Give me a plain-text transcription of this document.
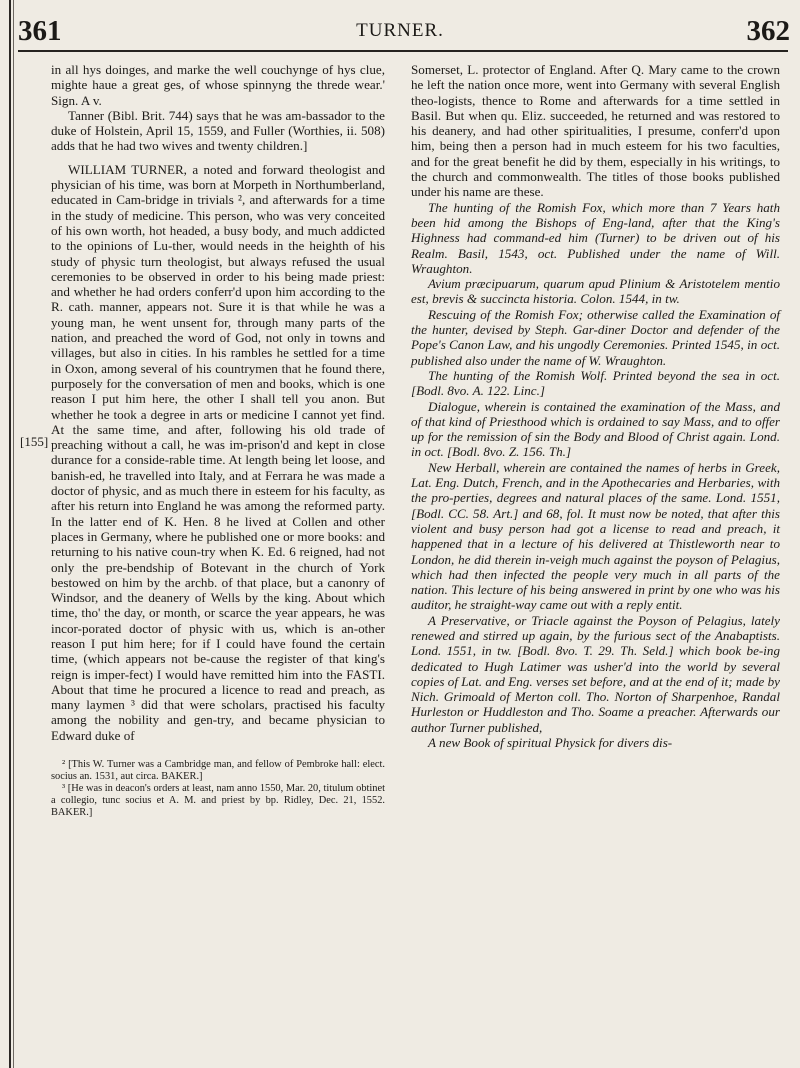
361	TURNER.	362
[155]

in all hys doinges, and marke the well couchynge of hys clue, mighte haue a great ges, of whose spinnyng the threde wear.' Sign. A v.

Tanner (Bibl. Brit. 744) says that he was am-bassador to the duke of Holstein, April 15, 1559, and Fuller (Worthies, ii. 508) adds that he had two wives and twenty children.]

WILLIAM TURNER, a noted and forward theologist and physician of his time, was born at Morpeth in Northumberland, educated in Cam-bridge in trivials ², and afterwards for a time in the study of medicine. This person, who was very conceited of his own worth, hot headed, a busy body, and much addicted to the opinions of Lu-ther, would needs in the heighth of his study of physic turn theologist, but always refused the usual ceremonies to be observed in order to his being made priest: and whether he had orders conferr'd upon him according to the R. cath. manner, appears not. Sure it is that while he was a young man, he went unsent for, through many parts of the nation, and preached the word of God, not only in towns and villages, but also in cities. In his rambles he settled for a time in Oxon, among several of his countrymen that he found there, purposely for the conversation of men and books, which is one reason I put him here, the other I shall tell you anon. But whether he took a degree in arts or medicine I cannot yet find. At the same time, and after, following his old trade of preaching without a call, he was im-prison'd and kept in close durance for a conside-rable time. At length being let loose, and banish-ed, he travelled into Italy, and at Ferrara he was made a doctor of physic, and as much there in esteem for his faculty, as after his return into England he was among the reformed party. In the latter end of K. Hen. 8 he lived at Collen and other places in Germany, where he published one or more books: and returning to his native coun-try when K. Ed. 6 reigned, had not only the pre-bendship of Botevant in the church of York bestowed on him by the archb. of that place, but a canonry of Windsor, and the deanery of Wells by the king. About which time, tho' the day, or month, or scarce the year appears, he was incor-porated doctor of physic with us, which is an-other reason I put him here; for if I could have found the certain time, (which appears not be-cause the register of that king's reign is imper-fect) I would have remitted him into the FASTI. About that time he procured a licence to read and preach, as many laymen ³ did that were scholars, practised his faculty among the nobility and gen-try, and became physician to Edward duke of

² [This W. Turner was a Cambridge man, and fellow of Pembroke hall: elect. socius an. 1531, aut circa. BAKER.]

³ [He was in deacon's orders at least, nam anno 1550, Mar. 20, titulum obtinet a collegio, tunc socius et A. M. and priest by bp. Ridley, Dec. 21, 1552. BAKER.]

Somerset, L. protector of England. After Q. Mary came to the crown he left the nation once more, went into Germany with several English theo-logists, thence to Rome and afterwards for a time settled in Basil. But when qu. Eliz. succeeded, he returned and was restored to his deanery, and had other spiritualities, I presume, conferr'd upon him, being then a person had in much esteem for his two faculties, and for the great benefit he did by them, especially in his writings, to the church and commonwealth. The titles of those books published under his name are these.

The hunting of the Romish Fox, which more than 7 Years hath been hid among the Bishops of Eng-land, after that the King's Highness had command-ed him (Turner) to be driven out of his Realm. Basil, 1543, oct. Published under the name of Will. Wraughton.

Avium præcipuarum, quarum apud Plinium & Aristotelem mentio est, brevis & succincta historia. Colon. 1544, in tw.

Rescuing of the Romish Fox; otherwise called the Examination of the hunter, devised by Steph. Gar-diner Doctor and defender of the Pope's Canon Law, and his ungodly Ceremonies. Printed 1545, in oct. published also under the name of W. Wraughton.

The hunting of the Romish Wolf. Printed beyond the sea in oct. [Bodl. 8vo. A. 122. Linc.]

Dialogue, wherein is contained the examination of the Mass, and of that kind of Priesthood which is ordained to say Mass, and to offer up for the remission of sin the Body and Blood of Christ again. Lond. in oct. [Bodl. 8vo. Z. 156. Th.]

New Herball, wherein are contained the names of herbs in Greek, Lat. Eng. Dutch, French, and in the Apothecaries and Herbaries, with the pro-perties, degrees and natural places of the same. Lond. 1551, [Bodl. CC. 58. Art.] and 68, fol. It must now be noted, that after this violent and busy person had got a license to read and preach, it happened that in a lecture of his delivered at Thistleworth near to London, he did therein in-veigh much against the poyson of Pelagius, which had then infected the people very much in all parts of the nation. This lecture of his being answered in print by one who was his auditor, he straight-way came out with a reply entit.

A Preservative, or Triacle against the Poyson of Pelagius, lately renewed and stirred up again, by the furious sect of the Anabaptists. Lond. 1551, in tw. [Bodl. 8vo. T. 29. Th. Seld.] which book be-ing dedicated to Hugh Latimer was usher'd into the world by several copies of Lat. and Eng. verses set before, and at the end of it; made by Nich. Grimoald of Merton coll. Tho. Norton of Sharpenhoe, Randal Hurleston or Huddleston and Tho. Soame a preacher. Afterwards our author Turner published,

A new Book of spiritual Physick for divers dis-
